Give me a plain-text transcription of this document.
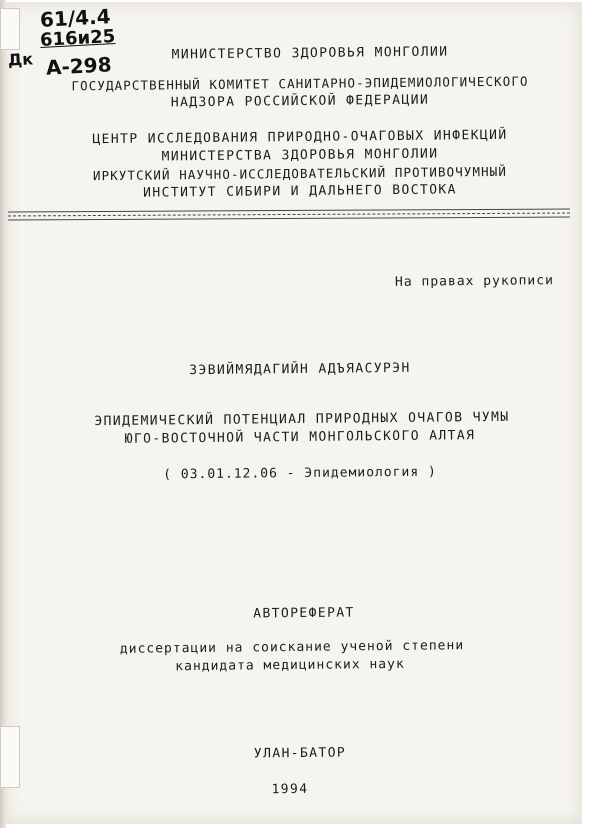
61/4.4
616и25
Дк А-298	МИНИСТЕРСТВО ЗДОРОВЬЯ МОНГОЛИИ
ГОСУДАРСТВЕННЫЙ КОМИТЕТ САНИТАРНО-ЭПИДЕМИОЛОГИЧЕСКОГО
НАДЗОРА РОССИЙСКОЙ ФЕДЕРАЦИИ
ЦЕНТР ИССЛЕДОВАНИЯ ПРИРОДНО-ОЧАГОВЫХ ИНФЕКЦИЙ
МИНИСТЕРСТВА ЗДОРОВЬЯ МОНГОЛИИ
ИРКУТСКИЙ НАУЧНО-ИССЛЕДОВАТЕЛЬСКИЙ ПРОТИВОЧУМНЫЙ
ИНСТИТУТ СИБИРИ И ДАЛЬНЕГО ВОСТОКА
На правах рукописи
ЗЭВИЙМЯДАГИЙН АДЪЯАСУРЭН
ЭПИДЕМИЧЕСКИЙ ПОТЕНЦИАЛ ПРИРОДНЫХ ОЧАГОВ ЧУМЫ
ЮГО-ВОСТОЧНОЙ ЧАСТИ МОНГОЛЬСКОГО АЛТАЯ
( 03.01.12.06 - Эпидемиология )
АВТОРЕФЕРАТ
диссертации на соискание ученой степени
кандидата медицинских наук
УЛАН-БАТОР
1994
